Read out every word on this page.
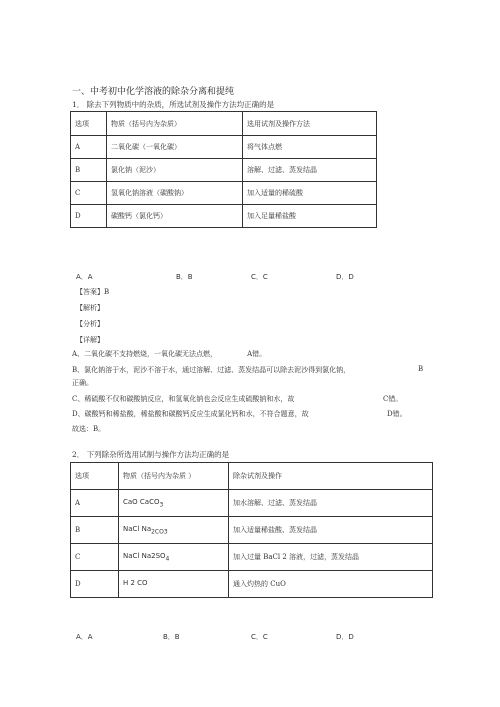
一、中考初中化学溶液的除杂分离和提纯
1． 除去下列物质中的杂质，所选试剂及操作方法均正确的是
选项	物质（括号内为杂质）	选用试剂及操作方法
A	二氧化碳（一氧化碳）	将气体点燃
B	氯化钠（泥沙）	溶解、过滤、蒸发结晶
C	氢氧化钠溶液（碳酸钠）	加入适量的稀硫酸
D	碳酸钙（氯化钙）	加入足量稀盐酸
A．A	B．B	C．C	D．D
【答案】B
【解析】
【分析】
【详解】
A、二氧化碳不支持燃烧，一氧化碳无法点燃，	A错。
B、氯化钠溶于水，泥沙不溶于水，通过溶解、过滤、蒸发结晶可以除去泥沙得到氯化钠，	B
正确。
C、稀硫酸不仅和碳酸钠反应，和氢氧化钠也会反应生成硫酸钠和水，故	C错。
D、碳酸钙和稀盐酸，稀盐酸和碳酸钙反应生成氯化钙和水，不符合题意，故	D错。
故选：B。
2． 下列除杂所选用试制与操作方法均正确的是
选项	物质（括号内为杂质 ）	除杂试剂及操作
A	CaO CaCO$_3$	加水溶解、过滤、蒸发结晶
B	NaCl $Na_{2CO3}$	加入适量稀盐酸、蒸发结晶
C	NaCl $Na2SO_4$	加入过量 BaCl 2 溶液，过滤，蒸发结晶
D	H 2 CO	通入灼热的 CuO
A．A	B．B	C．C	D．D
